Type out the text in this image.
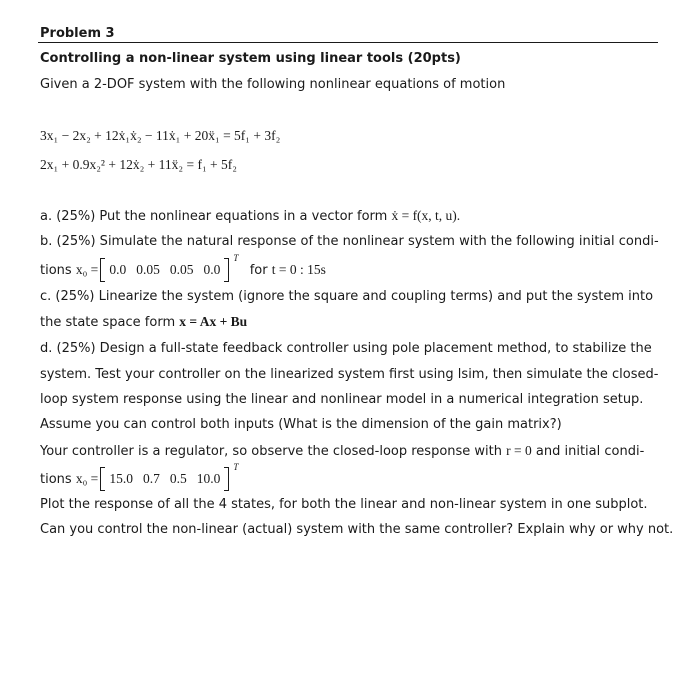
Problem 3
Controlling a non-linear system using linear tools (20pts)
Given a 2-DOF system with the following nonlinear equations of motion
3x₁ − 2x₂ + 12ẋ₁ẋ₂ − 11ẋ₁ + 20ẍ₁ = 5f₁ + 3f₂
2x₁ + 0.9x₂² + 12ẋ₂ + 11ẍ₂ = f₁ + 5f₂
a. (25%) Put the nonlinear equations in a vector form ẋ = f(x, t, u).
b. (25%) Simulate the natural response of the nonlinear system with the following initial condi-
tions x₀ = 0.0 0.05 0.05 0.0
T
for t = 0 : 15s
c. (25%) Linearize the system (ignore the square and coupling terms) and put the system into
the state space form x = Ax + Bu
d. (25%) Design a full-state feedback controller using pole placement method, to stabilize the
system. Test your controller on the linearized system first using lsim, then simulate the closed-
loop system response using the linear and nonlinear model in a numerical integration setup.
Assume you can control both inputs (What is the dimension of the gain matrix?)
Your controller is a regulator, so observe the closed-loop response with r = 0 and initial condi-
tions x₀ = 15.0 0.7 0.5 10.0
T
Plot the response of all the 4 states, for both the linear and non-linear system in one subplot.
Can you control the non-linear (actual) system with the same controller? Explain why or why not.
